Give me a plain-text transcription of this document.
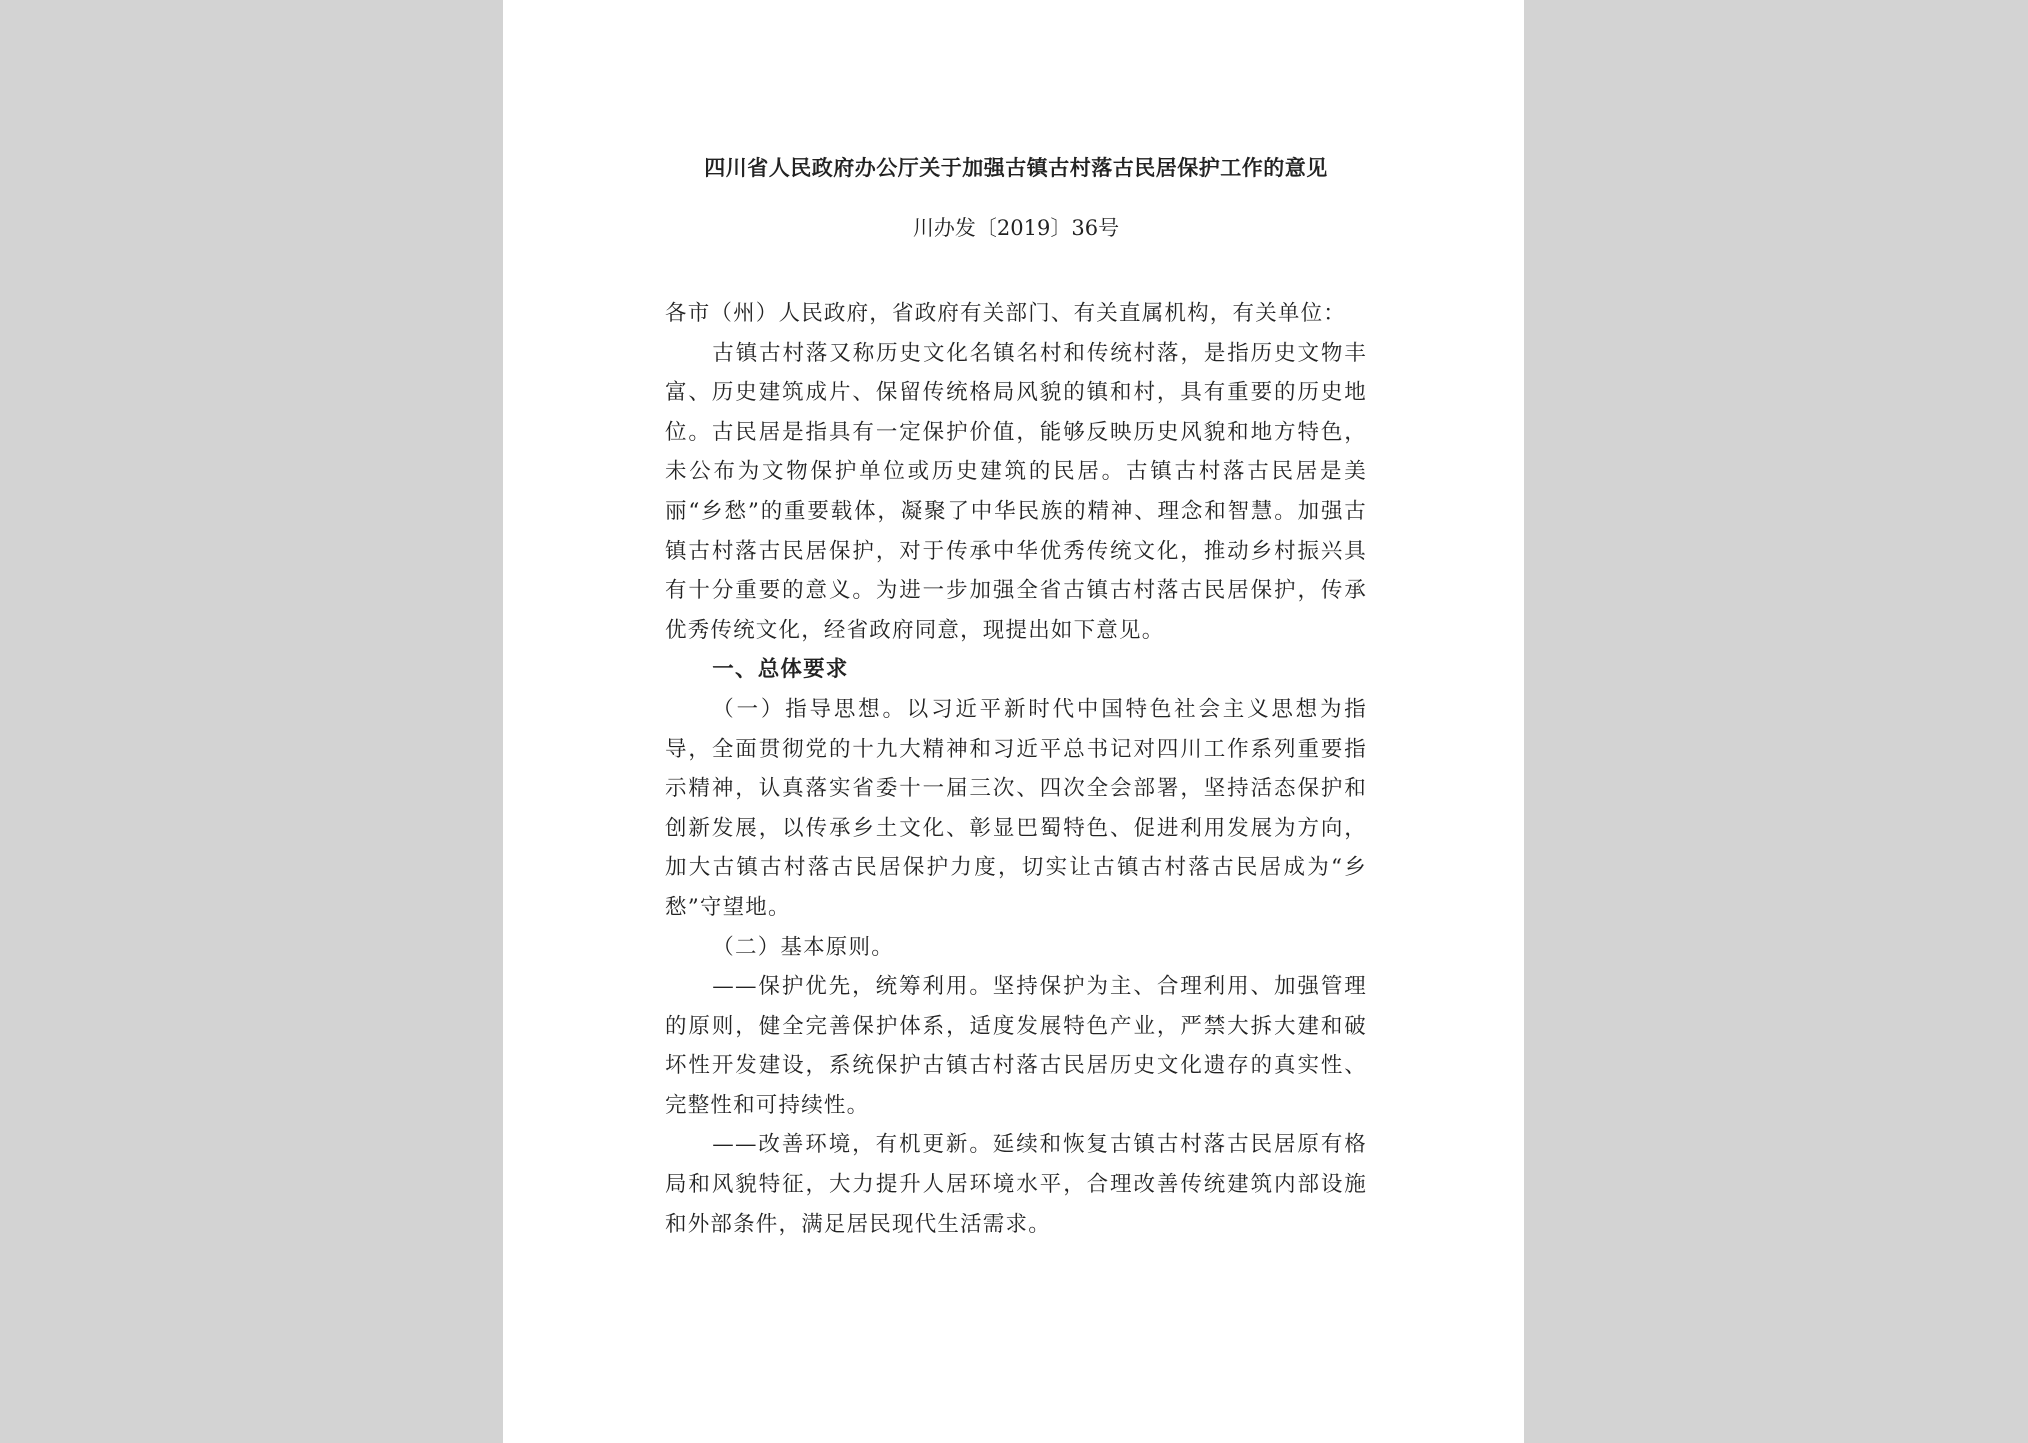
四川省人民政府办公厅关于加强古镇古村落古民居保护工作的意见
川办发〔2019〕36号

各市（州）人民政府，省政府有关部门、有关直属机构，有关单位：

古镇古村落又称历史文化名镇名村和传统村落，是指历史文物丰富、历史建筑成片、保留传统格局风貌的镇和村，具有重要的历史地位。古民居是指具有一定保护价值，能够反映历史风貌和地方特色，未公布为文物保护单位或历史建筑的民居。古镇古村落古民居是美丽“乡愁”的重要载体，凝聚了中华民族的精神、理念和智慧。加强古镇古村落古民居保护，对于传承中华优秀传统文化，推动乡村振兴具有十分重要的意义。为进一步加强全省古镇古村落古民居保护，传承优秀传统文化，经省政府同意，现提出如下意见。

一、总体要求

（一）指导思想。以习近平新时代中国特色社会主义思想为指导，全面贯彻党的十九大精神和习近平总书记对四川工作系列重要指示精神，认真落实省委十一届三次、四次全会部署，坚持活态保护和创新发展，以传承乡土文化、彰显巴蜀特色、促进利用发展为方向，加大古镇古村落古民居保护力度，切实让古镇古村落古民居成为“乡愁”守望地。

（二）基本原则。

——保护优先，统筹利用。坚持保护为主、合理利用、加强管理的原则，健全完善保护体系，适度发展特色产业，严禁大拆大建和破坏性开发建设，系统保护古镇古村落古民居历史文化遗存的真实性、完整性和可持续性。

——改善环境，有机更新。延续和恢复古镇古村落古民居原有格局和风貌特征，大力提升人居环境水平，合理改善传统建筑内部设施和外部条件，满足居民现代生活需求。
